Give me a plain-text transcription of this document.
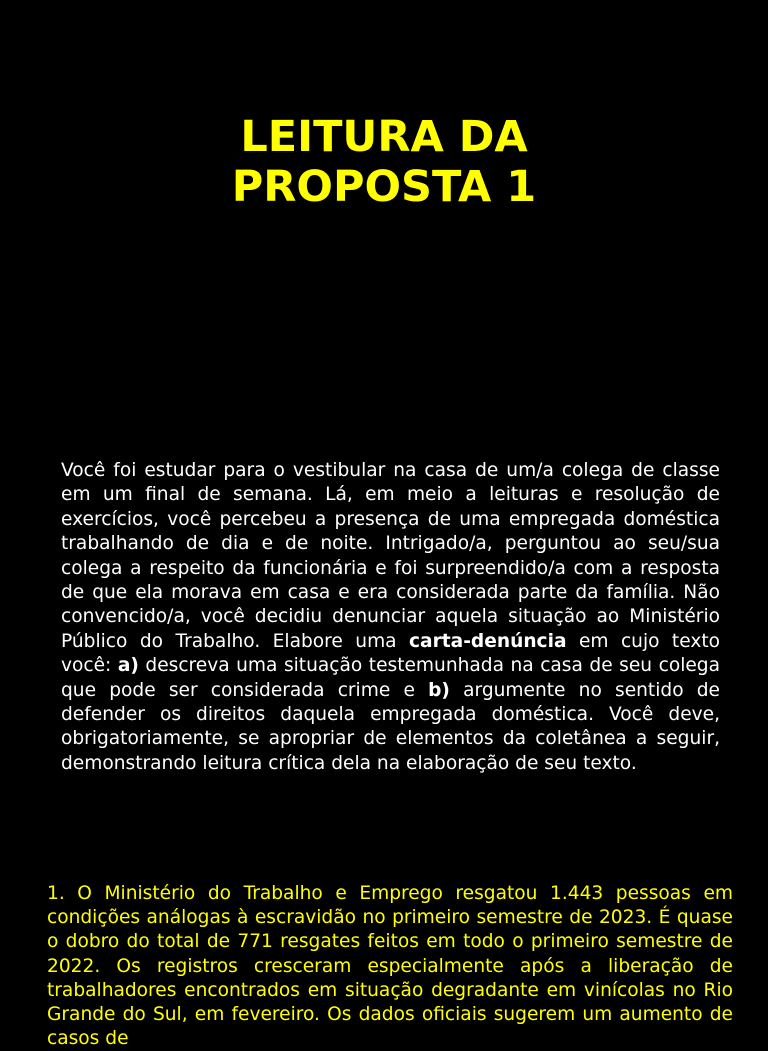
LEITURA DA
PROPOSTA 1

Você foi estudar para o vestibular na casa de um/a colega de classe em um final de semana. Lá, em meio a leituras e resolução de exercícios, você percebeu a presença de uma empregada doméstica trabalhando de dia e de noite. Intrigado/a, perguntou ao seu/sua colega a respeito da funcionária e foi surpreendido/a com a resposta de que ela morava em casa e era considerada parte da família. Não convencido/a, você decidiu denunciar aquela situação ao Ministério Público do Trabalho. Elabore uma carta-denúncia em cujo texto você: a) descreva uma situação testemunhada na casa de seu colega que pode ser considerada crime e b) argumente no sentido de defender os direitos daquela empregada doméstica. Você deve, obrigatoriamente, se apropriar de elementos da coletânea a seguir, demonstrando leitura crítica dela na elaboração de seu texto.

1. O Ministério do Trabalho e Emprego resgatou 1.443 pessoas em condições análogas à escravidão no primeiro semestre de 2023. É quase o dobro do total de 771 resgates feitos em todo o primeiro semestre de 2022. Os registros cresceram especialmente após a liberação de trabalhadores encontrados em situação degradante em vinícolas no Rio Grande do Sul, em fevereiro. Os dados oficiais sugerem um aumento de casos de
